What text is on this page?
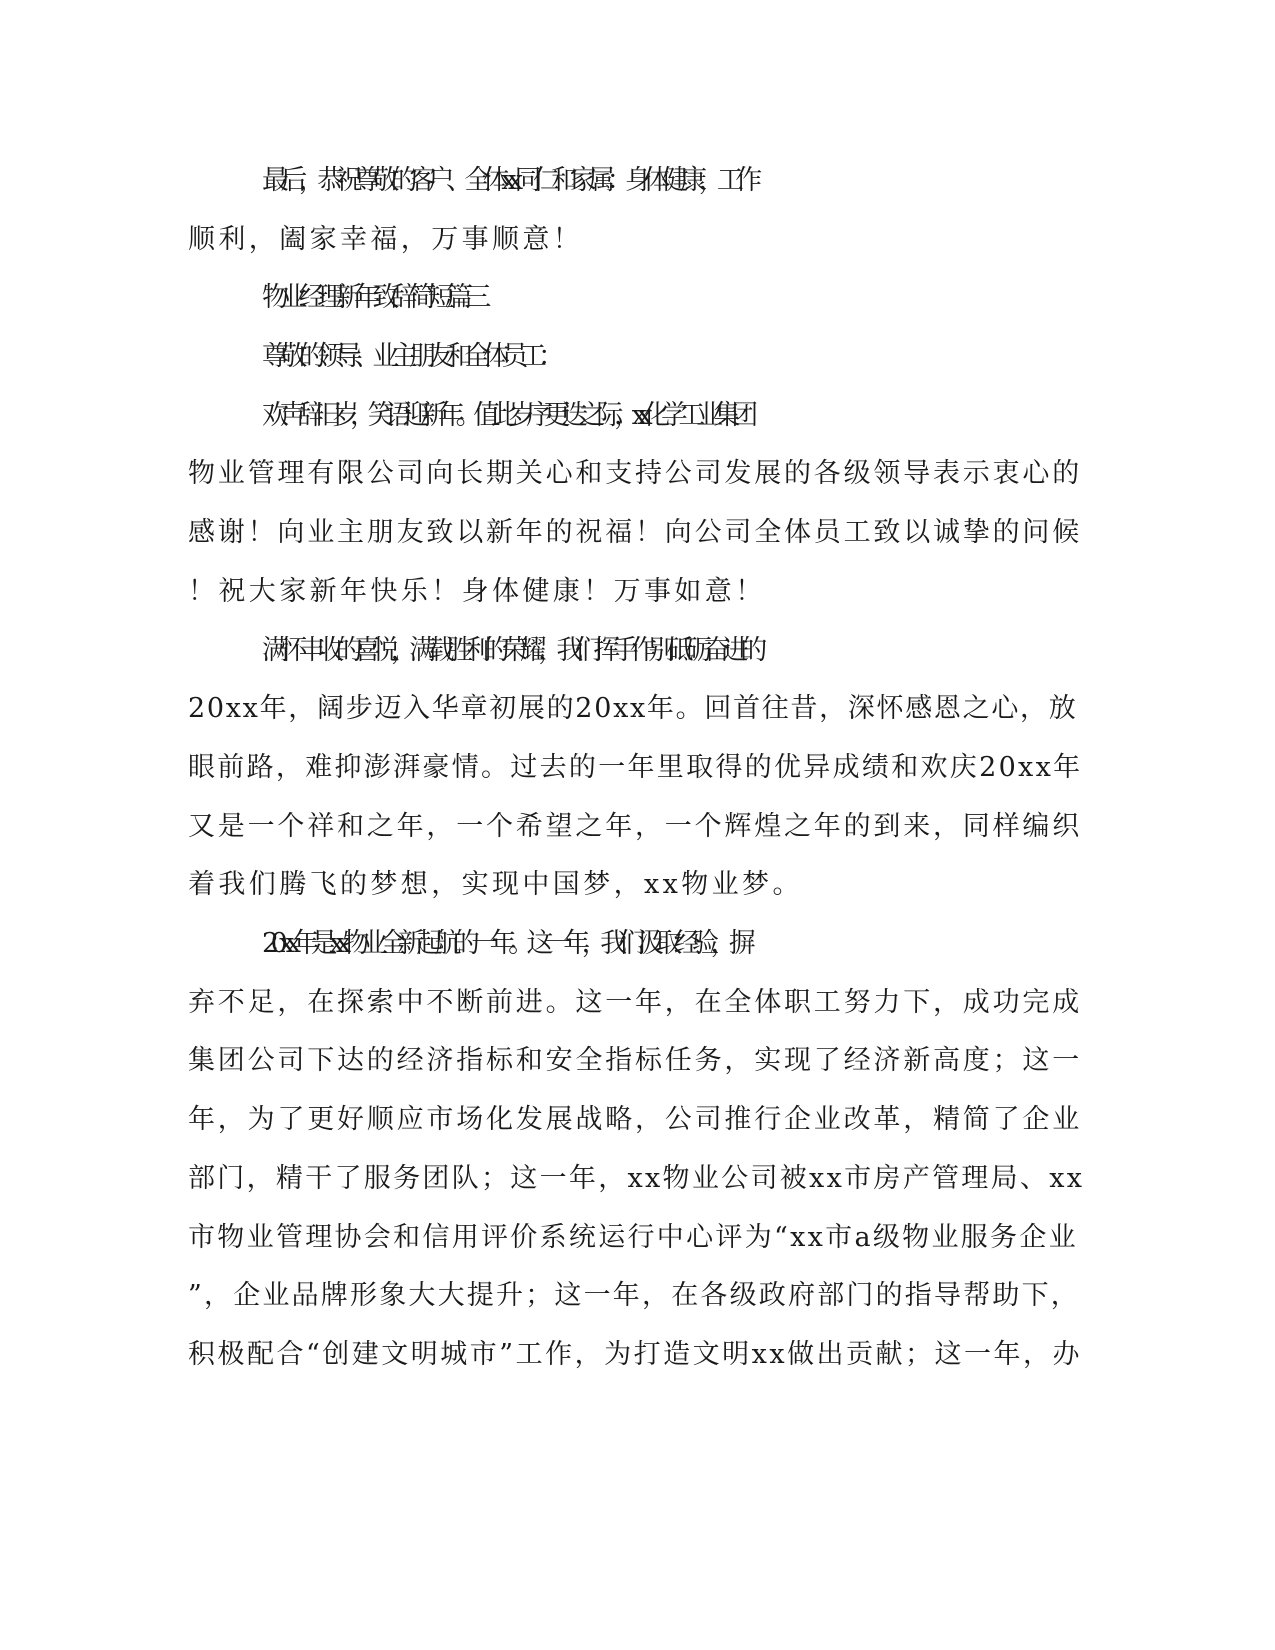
最后，恭祝尊敬的客户、全体xx同仁和家属：身体健康，工作

顺利，阖家幸福，万事顺意！

物业经理新年致辞简短篇三

尊敬的领导、业主朋友和全体员工：

欢声辞旧岁，笑语迎新年。值此岁序更迭之际，xx化学工业集团

物业管理有限公司向长期关心和支持公司发展的各级领导表示衷心的

感谢！向业主朋友致以新年的祝福！向公司全体员工致以诚挚的问候

！祝大家新年快乐！身体健康！万事如意！

满怀丰收的喜悦，满载胜利的荣耀，我们挥手作别砥砺奋进的

20xx年，阔步迈入华章初展的20xx年。回首往昔，深怀感恩之心，放

眼前路，难抑澎湃豪情。过去的一年里取得的优异成绩和欢庆20xx年

又是一个祥和之年，一个希望之年，一个辉煌之年的到来，同样编织

着我们腾飞的梦想，实现中国梦，xx物业梦。

20xx年是xx物业全新起航的一年。这一年，我们汲取经验，摒

弃不足，在探索中不断前进。这一年，在全体职工努力下，成功完成

集团公司下达的经济指标和安全指标任务，实现了经济新高度；这一

年，为了更好顺应市场化发展战略，公司推行企业改革，精简了企业

部门，精干了服务团队；这一年，xx物业公司被xx市房产管理局、xx

市物业管理协会和信用评价系统运行中心评为“xx市a级物业服务企业

”，企业品牌形象大大提升；这一年，在各级政府部门的指导帮助下，

积极配合“创建文明城市”工作，为打造文明xx做出贡献；这一年，办
